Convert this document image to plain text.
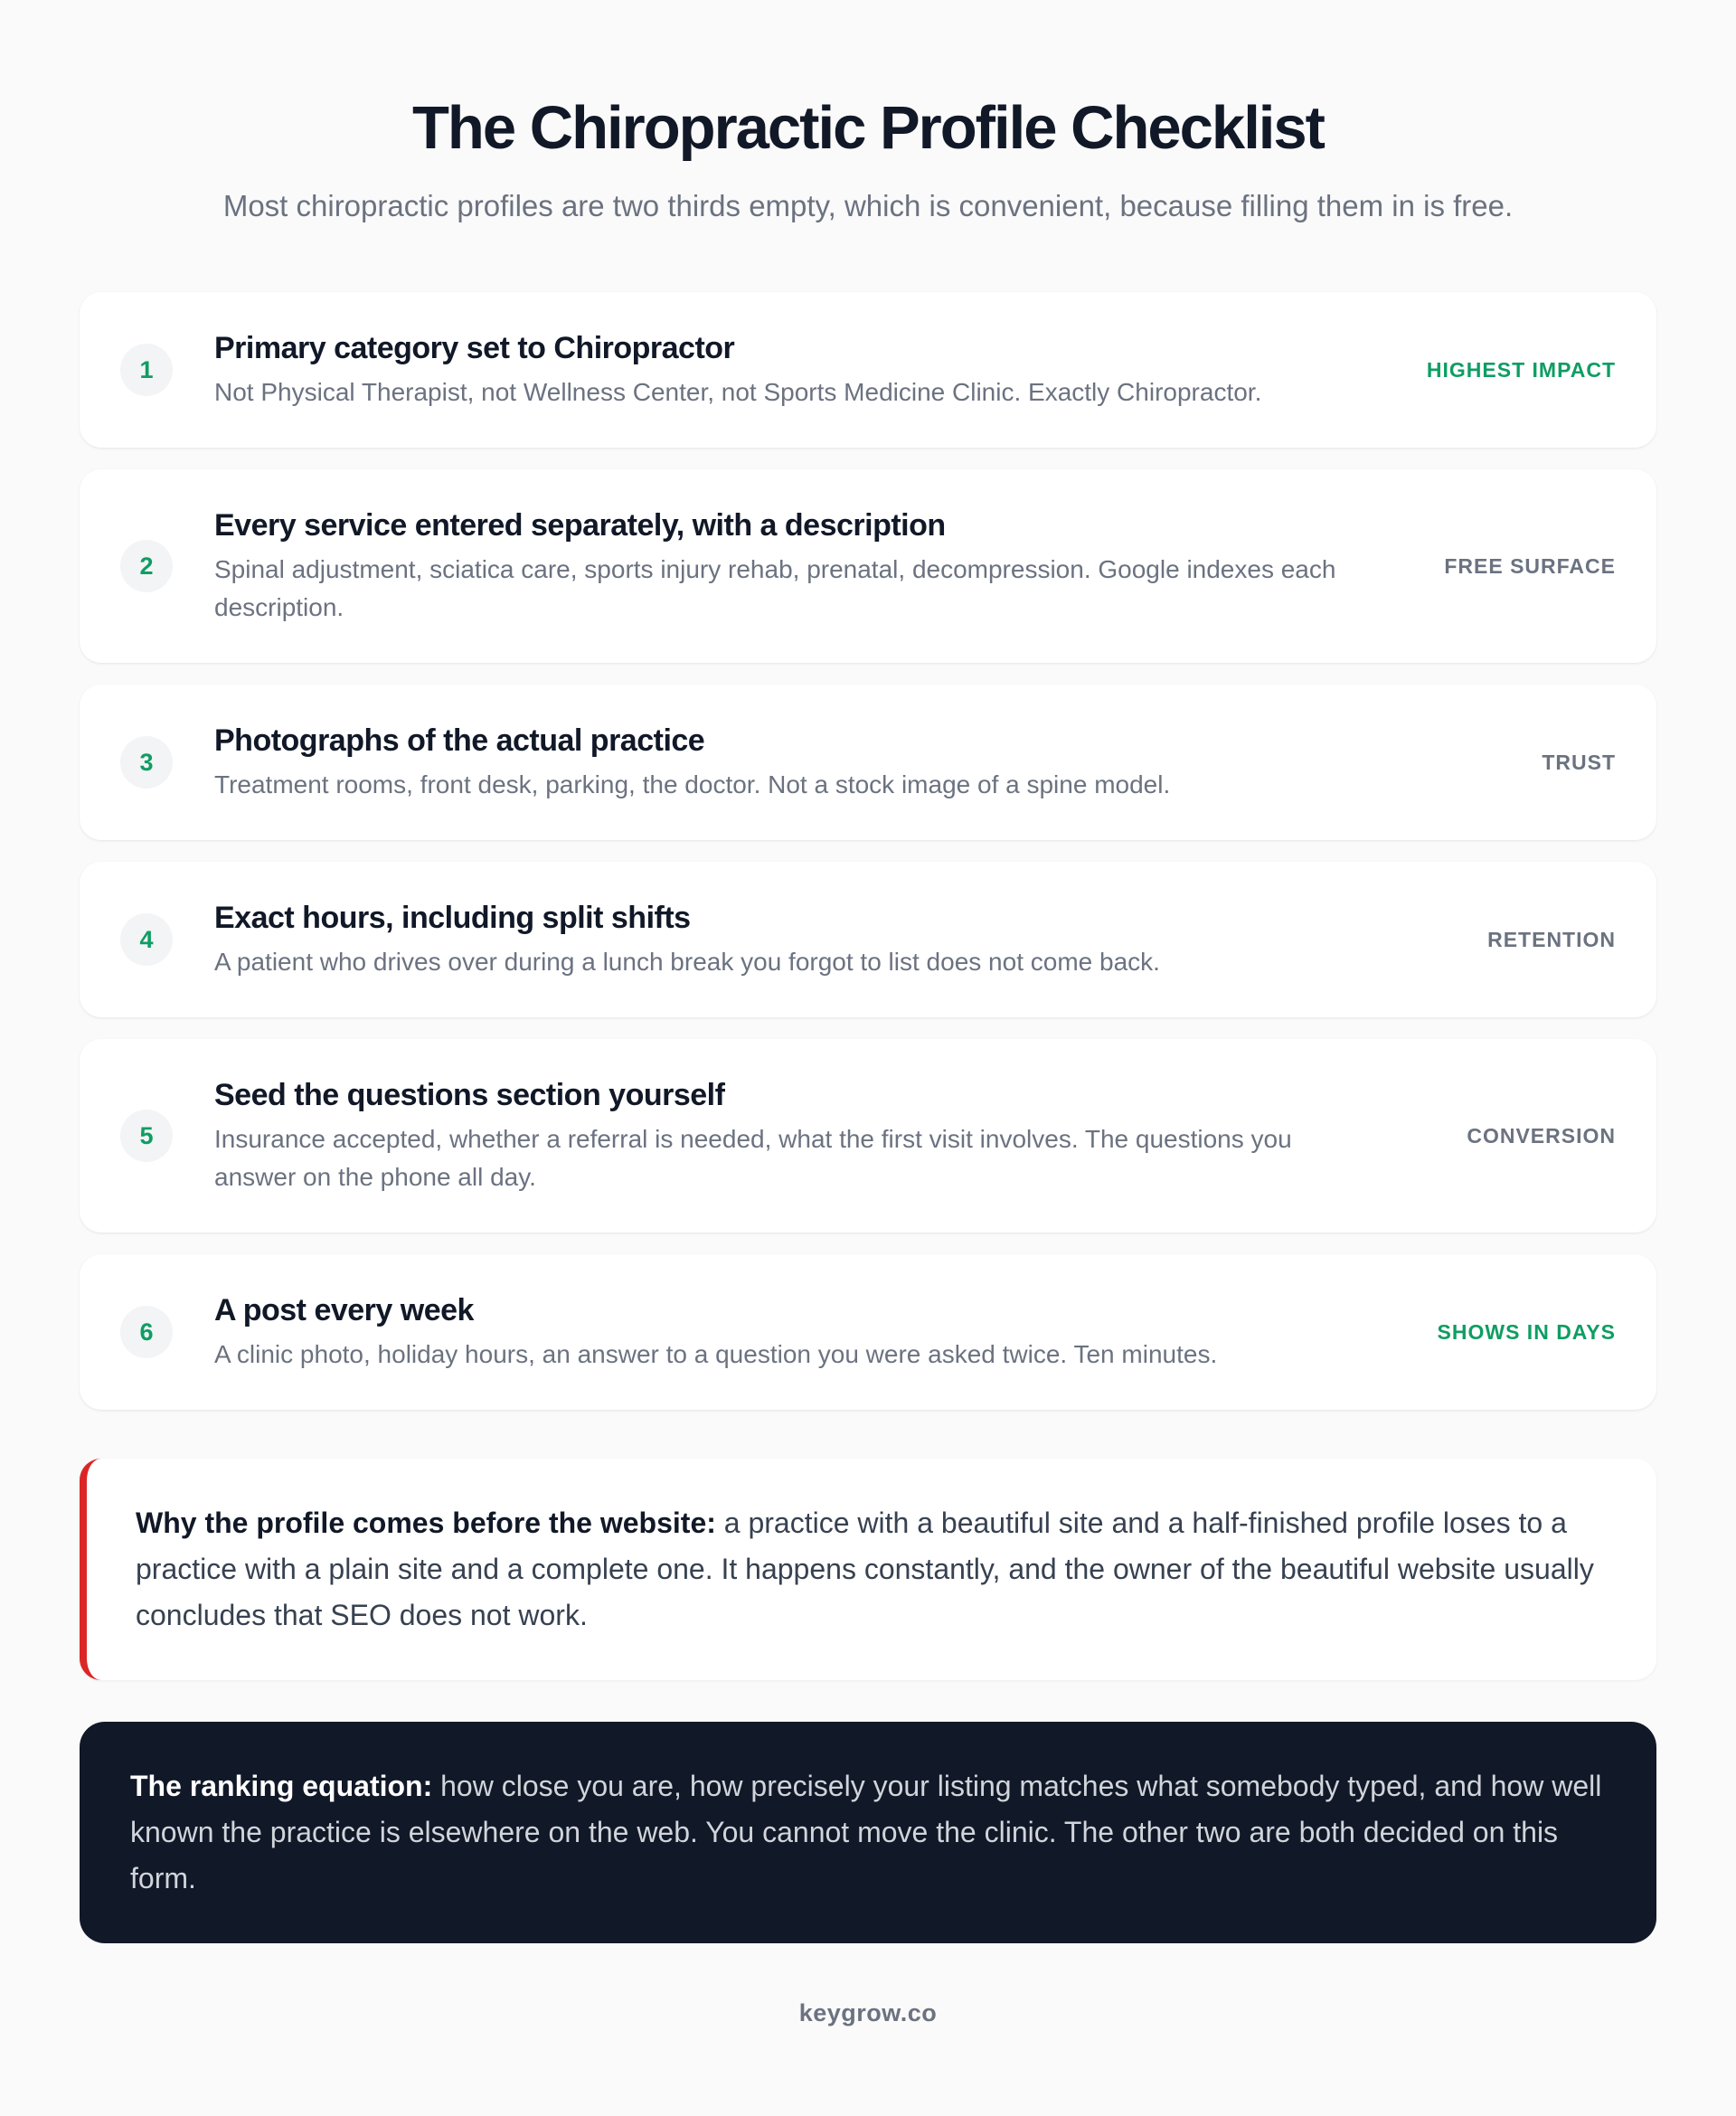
The Chiropractic Profile Checklist

Most chiropractic profiles are two thirds empty, which is convenient, because filling them in is free.

1
Primary category set to Chiropractor
Not Physical Therapist, not Wellness Center, not Sports Medicine Clinic. Exactly Chiropractor.
HIGHEST IMPACT
2
Every service entered separately, with a description
Spinal adjustment, sciatica care, sports injury rehab, prenatal, decompression. Google indexes each description.
FREE SURFACE
3
Photographs of the actual practice
Treatment rooms, front desk, parking, the doctor. Not a stock image of a spine model.
TRUST
4
Exact hours, including split shifts
A patient who drives over during a lunch break you forgot to list does not come back.
RETENTION
5
Seed the questions section yourself
Insurance accepted, whether a referral is needed, what the first visit involves. The questions you answer on the phone all day.
CONVERSION
6
A post every week
A clinic photo, holiday hours, an answer to a question you were asked twice. Ten minutes.
SHOWS IN DAYS
Why the profile comes before the website: a practice with a beautiful site and a half-finished profile loses to a practice with a plain site and a complete one. It happens constantly, and the owner of the beautiful website usually concludes that SEO does not work.
The ranking equation: how close you are, how precisely your listing matches what somebody typed, and how well known the practice is elsewhere on the web. You cannot move the clinic. The other two are both decided on this form.
keygrow.co
